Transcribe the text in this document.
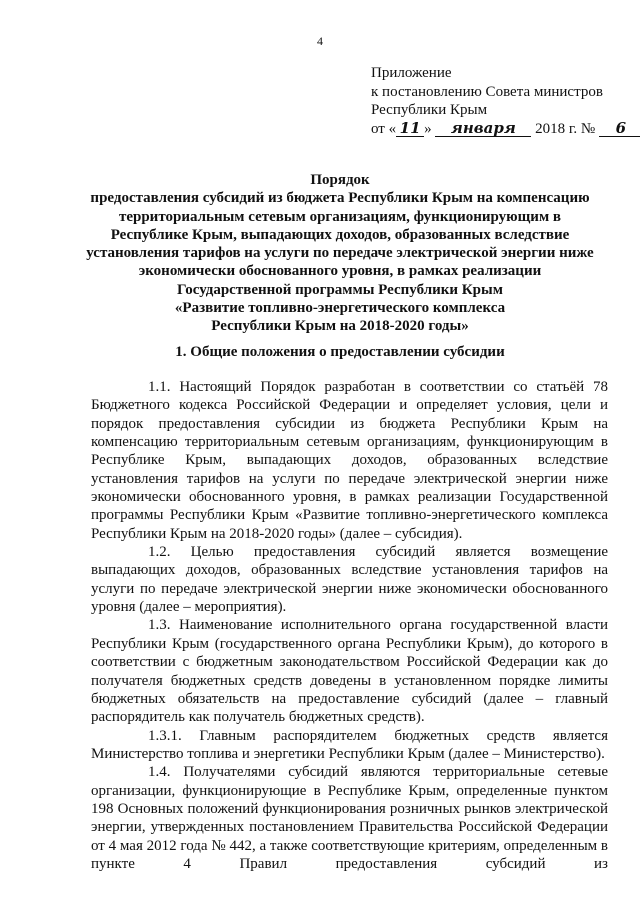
4
Приложение
к постановлению Совета министров
Республики Крым
от « 11 » января 2018 г. № 6
Порядок
предоставления субсидий из бюджета Республики Крым на компенсацию
территориальным сетевым организациям, функционирующим в
Республике Крым, выпадающих доходов, образованных вследствие
установления тарифов на услуги по передаче электрической энергии ниже
экономически обоснованного уровня, в рамках реализации
Государственной программы Республики Крым
«Развитие топливно-энергетического комплекса
Республики Крым на 2018-2020 годы»
1. Общие положения о предоставлении субсидии

1.1. Настоящий Порядок разработан в соответствии со статьёй 78 Бюджетного кодекса Российской Федерации и определяет условия, цели и порядок предоставления субсидии из бюджета Республики Крым на компенсацию территориальным сетевым организациям, функционирующим в Республике Крым, выпадающих доходов, образованных вследствие установления тарифов на услуги по передаче электрической энергии ниже экономически обоснованного уровня, в рамках реализации Государственной программы Республики Крым «Развитие топливно-энергетического комплекса Республики Крым на 2018-2020 годы» (далее – субсидия).

1.2. Целью предоставления субсидий является возмещение выпадающих доходов, образованных вследствие установления тарифов на услуги по передаче электрической энергии ниже экономически обоснованного уровня (далее – мероприятия).

1.3. Наименование исполнительного органа государственной власти Республики Крым (государственного органа Республики Крым), до которого в соответствии с бюджетным законодательством Российской Федерации как до получателя бюджетных средств доведены в установленном порядке лимиты бюджетных обязательств на предоставление субсидий (далее – главный распорядитель как получатель бюджетных средств).

1.3.1. Главным распорядителем бюджетных средств является Министерство топлива и энергетики Республики Крым (далее – Министерство).

1.4. Получателями субсидий являются территориальные сетевые организации, функционирующие в Республике Крым, определенные пунктом 198 Основных положений функционирования розничных рынков электрической энергии, утвержденных постановлением Правительства Российской Федерации от 4 мая 2012 года № 442, а также соответствующие критериям, определенным в пункте 4 Правил предоставления субсидий из
